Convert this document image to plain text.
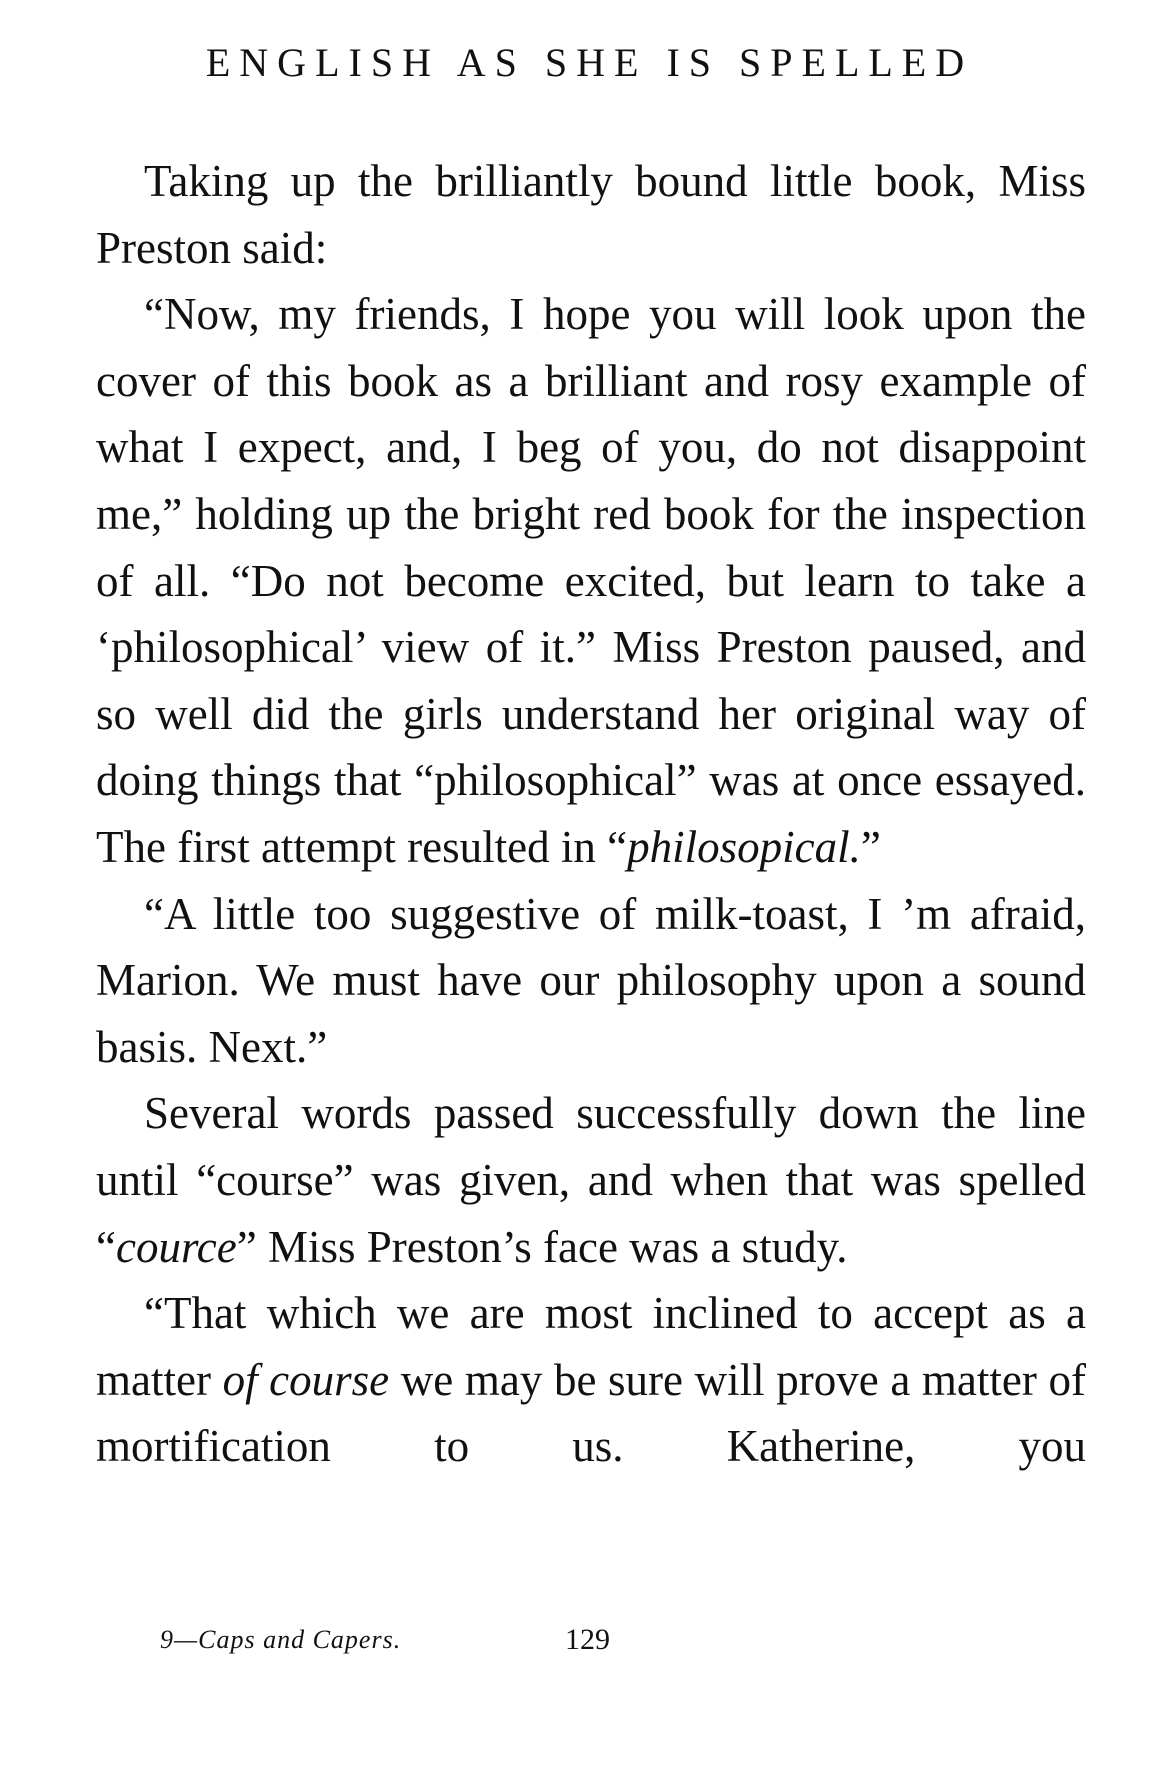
ENGLISH AS SHE IS SPELLED

Taking up the brilliantly bound little book, Miss Preston said:

“Now, my friends, I hope you will look upon the cover of this book as a brilliant and rosy example of what I expect, and, I beg of you, do not disappoint me,” holding up the bright red book for the inspection of all. “Do not become excited, but learn to take a ‘philosophical’ view of it.” Miss Preston paused, and so well did the girls understand her original way of doing things that “philosophical” was at once essayed. The first attempt resulted in “philosopical.”

“A little too suggestive of milk-toast, I ’m afraid, Marion. We must have our philosophy upon a sound basis. Next.”

Several words passed successfully down the line until “course” was given, and when that was spelled “cource” Miss Preston’s face was a study.

“That which we are most inclined to accept as a matter of course we may be sure will prove a matter of mortification to us. Katherine, you

9—Caps and Capers.	129
